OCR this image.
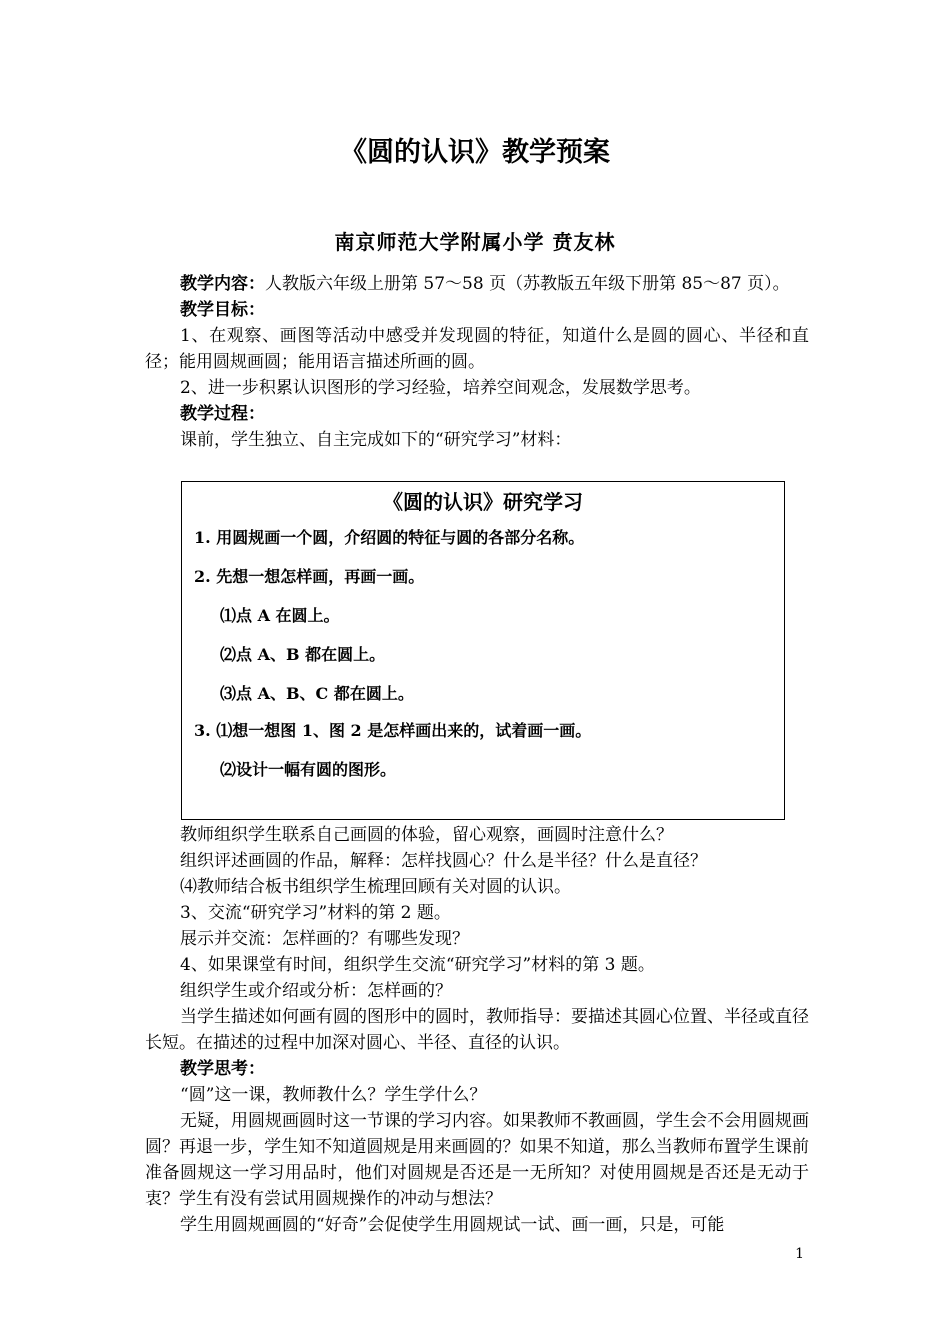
《圆的认识》教学预案
南京师范大学附属小学 贲友林

教学内容：人教版六年级上册第 57～58 页（苏教版五年级下册第 85～87 页）。

教学目标：

1、在观察、画图等活动中感受并发现圆的特征，知道什么是圆的圆心、半径和直径；能用圆规画圆；能用语言描述所画的圆。

2、进一步积累认识图形的学习经验，培养空间观念，发展数学思考。

教学过程：

课前，学生独立、自主完成如下的“研究学习”材料：

《圆的认识》研究学习
1. 用圆规画一个圆，介绍圆的特征与圆的各部分名称。
2. 先想一想怎样画，再画一画。
⑴点 A 在圆上。
⑵点 A、B 都在圆上。
⑶点 A、B、C 都在圆上。
3. ⑴想一想图 1、图 2 是怎样画出来的，试着画一画。
⑵设计一幅有圆的图形。

教师组织学生联系自己画圆的体验，留心观察，画圆时注意什么？

组织评述画圆的作品，解释：怎样找圆心？什么是半径？什么是直径？

⑷教师结合板书组织学生梳理回顾有关对圆的认识。

3、交流“研究学习”材料的第 2 题。

展示并交流：怎样画的？有哪些发现？

4、如果课堂有时间，组织学生交流“研究学习”材料的第 3 题。

组织学生或介绍或分析：怎样画的？

当学生描述如何画有圆的图形中的圆时，教师指导：要描述其圆心位置、半径或直径长短。在描述的过程中加深对圆心、半径、直径的认识。

教学思考：

“圆”这一课，教师教什么？学生学什么？

无疑，用圆规画圆时这一节课的学习内容。如果教师不教画圆，学生会不会用圆规画圆？再退一步，学生知不知道圆规是用来画圆的？如果不知道，那么当教师布置学生课前准备圆规这一学习用品时，他们对圆规是否还是一无所知？对使用圆规是否还是无动于衷？学生有没有尝试用圆规操作的冲动与想法？

学生用圆规画圆的“好奇”会促使学生用圆规试一试、画一画，只是，可能

1
